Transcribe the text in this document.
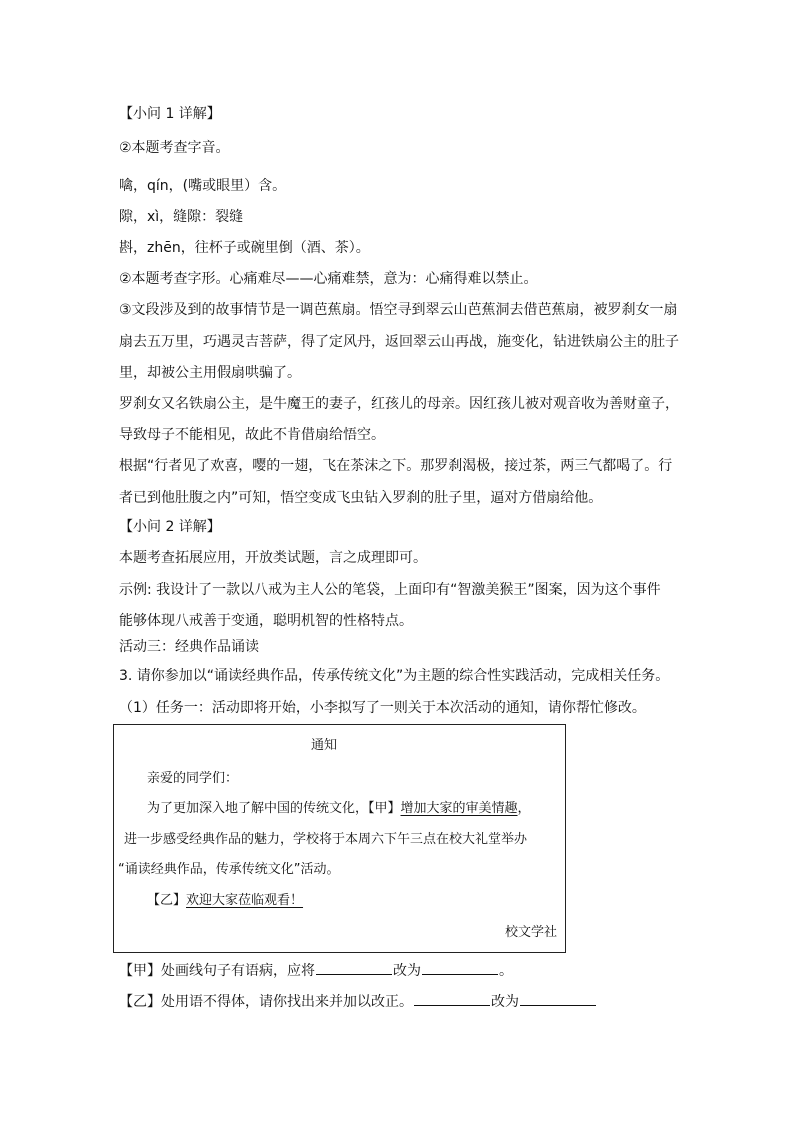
【小问 1 详解】
②本题考查字音。
噙，qín，(嘴或眼里）含。
隙，xì，缝隙：裂缝
斟，zhēn，往杯子或碗里倒（酒、茶）。
②本题考查字形。心痛难尽——心痛难禁，意为：心痛得难以禁止。
③文段涉及到的故事情节是一调芭蕉扇。悟空寻到翠云山芭蕉洞去借芭蕉扇，被罗刹女一扇
扇去五万里，巧遇灵吉菩萨，得了定风丹，返回翠云山再战，施变化，钻进铁扇公主的肚子
里，却被公主用假扇哄骗了。
罗刹女又名铁扇公主，是牛魔王的妻子，红孩儿的母亲。因红孩儿被对观音收为善财童子，
导致母子不能相见，故此不肯借扇给悟空。
根据“行者见了欢喜，嘤的一翅，飞在茶沫之下。那罗刹渴极，接过茶，两三气都喝了。行
者已到他肚腹之内”可知，悟空变成飞虫钻入罗刹的肚子里，逼对方借扇给他。
【小问 2 详解】
本题考查拓展应用，开放类试题，言之成理即可。
示例: 我设计了一款以八戒为主人公的笔袋，上面印有“智激美猴王”图案，因为这个事件
能够体现八戒善于变通，聪明机智的性格特点。
活动三：经典作品诵读
3. 请你参加以“诵读经典作品，传承传统文化”为主题的综合性实践活动，完成相关任务。
（1）任务一：活动即将开始，小李拟写了一则关于本次活动的通知，请你帮忙修改。
通知
亲爱的同学们：
为了更加深入地了解中国的传统文化，【甲】增加大家的审美情趣，
进一步感受经典作品的魅力，学校将于本周六下午三点在校大礼堂举办
“诵读经典作品，传承传统文化”活动。
【乙】欢迎大家莅临观看！
校文学社
【甲】处画线句子有语病，应将	改为	。
【乙】处用语不得体，请你找出来并加以改正。	改为
